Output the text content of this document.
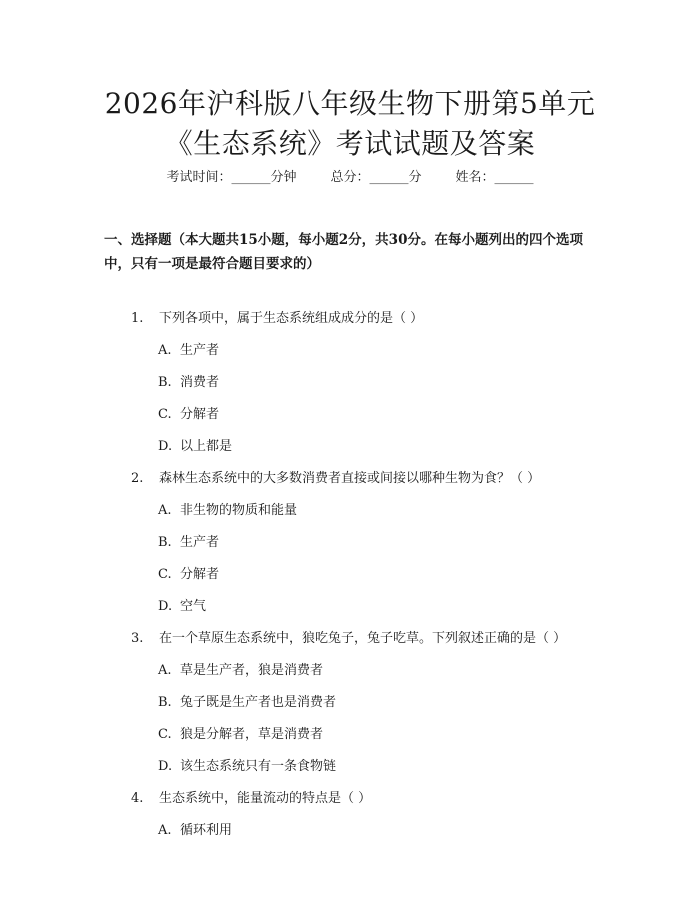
2026年沪科版八年级生物下册第5单元《生态系统》考试试题及答案
考试时间：______分钟	总分：______分	姓名：______

一、选择题（本大题共15小题，每小题2分，共30分。在每小题列出的四个选项中，只有一项是最符合题目要求的）

1. 下列各项中，属于生态系统组成成分的是（ ）
A. 生产者
B. 消费者
C. 分解者
D. 以上都是
2. 森林生态系统中的大多数消费者直接或间接以哪种生物为食？（ ）
A. 非生物的物质和能量
B. 生产者
C. 分解者
D. 空气
3. 在一个草原生态系统中，狼吃兔子，兔子吃草。下列叙述正确的是（ ）
A. 草是生产者，狼是消费者
B. 兔子既是生产者也是消费者
C. 狼是分解者，草是消费者
D. 该生态系统只有一条食物链
4. 生态系统中，能量流动的特点是（ ）
A. 循环利用
